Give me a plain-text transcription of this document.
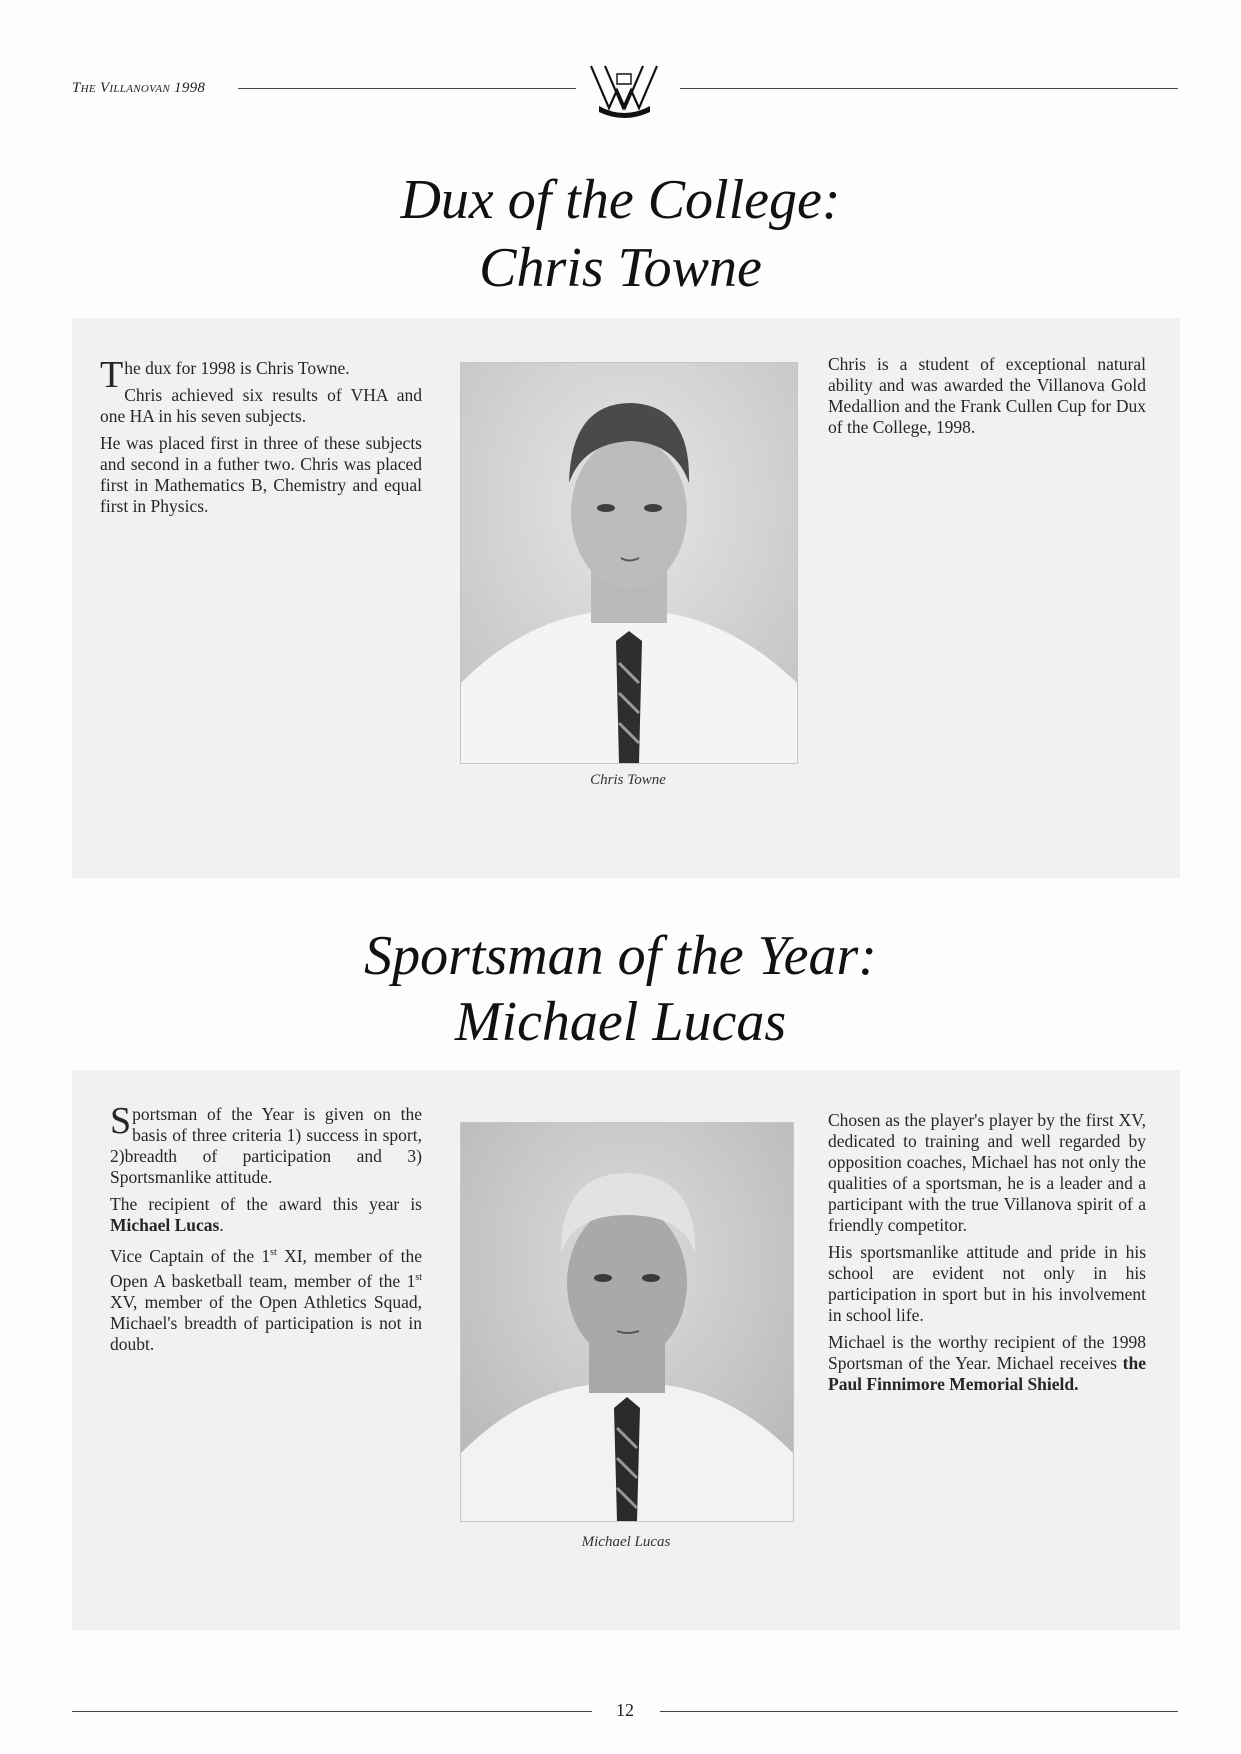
The Villanovan 1998
Dux of the College:
Chris Towne

The dux for 1998 is Chris Towne.

Chris achieved six results of VHA and one HA in his seven subjects.

He was placed first in three of these subjects and second in a futher two. Chris was placed first in Mathematics B, Chemistry and equal first in Physics.

Chris Towne

Chris is a student of exceptional natural ability and was awarded the Villanova Gold Medallion and the Frank Cullen Cup for Dux of the College, 1998.

Sportsman of the Year:
Michael Lucas

Sportsman of the Year is given on the basis of three criteria 1) success in sport, 2)breadth of participation and 3) Sportsmanlike attitude.

The recipient of the award this year is Michael Lucas.

Vice Captain of the 1st XI, member of the Open A basketball team, member of the 1st XV, member of the Open Athletics Squad, Michael's breadth of participation is not in doubt.

Michael Lucas

Chosen as the player's player by the first XV, dedicated to training and well regarded by opposition coaches, Michael has not only the qualities of a sportsman, he is a leader and a participant with the true Villanova spirit of a friendly competitor.

His sportsmanlike attitude and pride in his school are evident not only in his participation in sport but in his involvement in school life.

Michael is the worthy recipient of the 1998 Sportsman of the Year. Michael receives the Paul Finnimore Memorial Shield.

12
